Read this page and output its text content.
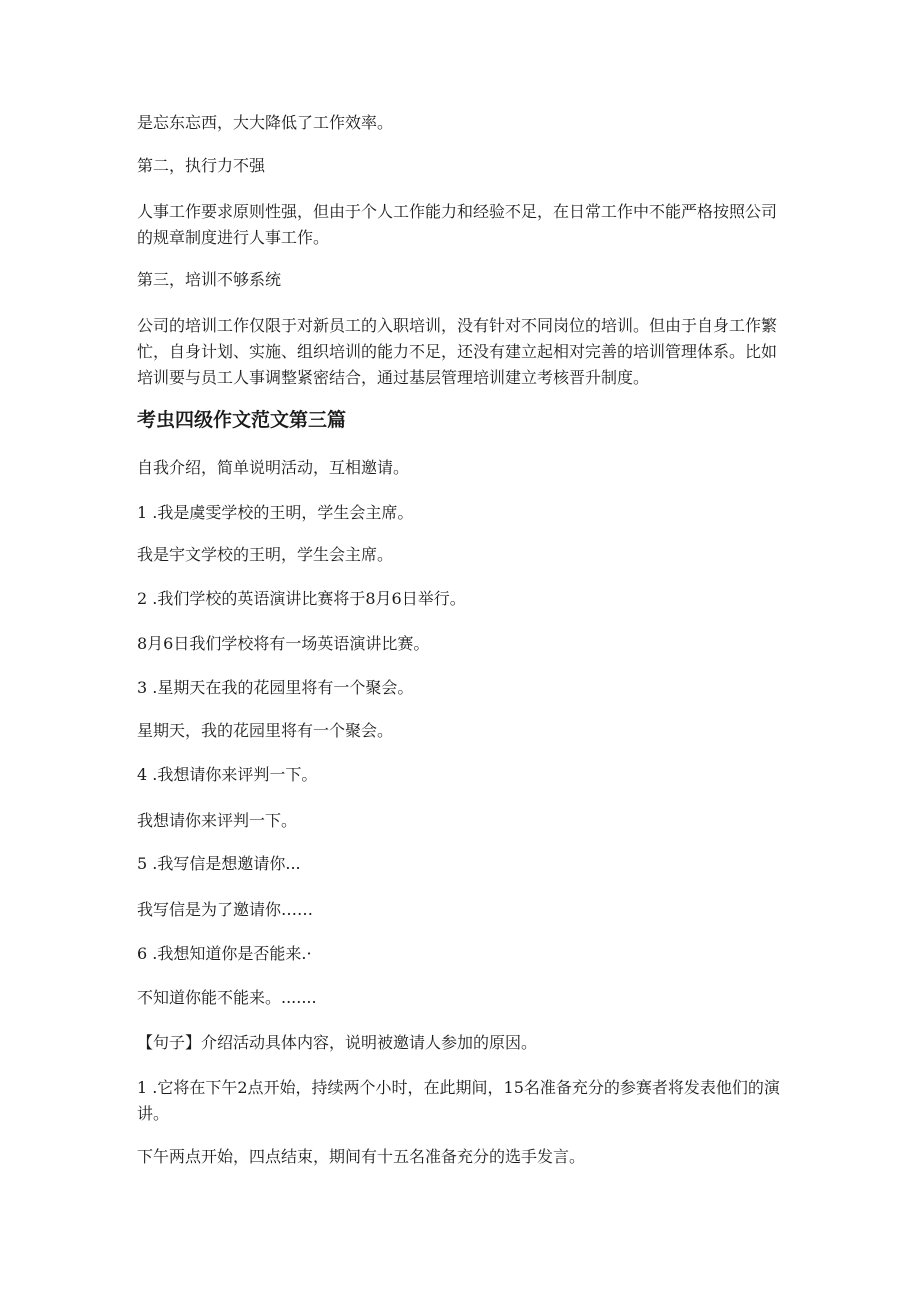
是忘东忘西，大大降低了工作效率。

第二，执行力不强

人事工作要求原则性强，但由于个人工作能力和经验不足，在日常工作中不能严格按照公司的规章制度进行人事工作。

第三，培训不够系统

公司的培训工作仅限于对新员工的入职培训，没有针对不同岗位的培训。但由于自身工作繁忙，自身计划、实施、组织培训的能力不足，还没有建立起相对完善的培训管理体系。比如培训要与员工人事调整紧密结合，通过基层管理培训建立考核晋升制度。

考虫四级作文范文第三篇

自我介绍，简单说明活动，互相邀请。

1 .我是虞雯学校的王明，学生会主席。

我是宇文学校的王明，学生会主席。

2 .我们学校的英语演讲比赛将于8月6日举行。

8月6日我们学校将有一场英语演讲比赛。

3 .星期天在我的花园里将有一个聚会。

星期天，我的花园里将有一个聚会。

4 .我想请你来评判一下。

我想请你来评判一下。

5 .我写信是想邀请你...

我写信是为了邀请你……

6 .我想知道你是否能来.·

不知道你能不能来。.......

【句子】介绍活动具体内容，说明被邀请人参加的原因。

1 .它将在下午2点开始，持续两个小时，在此期间，15名准备充分的参赛者将发表他们的演讲。

下午两点开始，四点结束，期间有十五名准备充分的选手发言。
